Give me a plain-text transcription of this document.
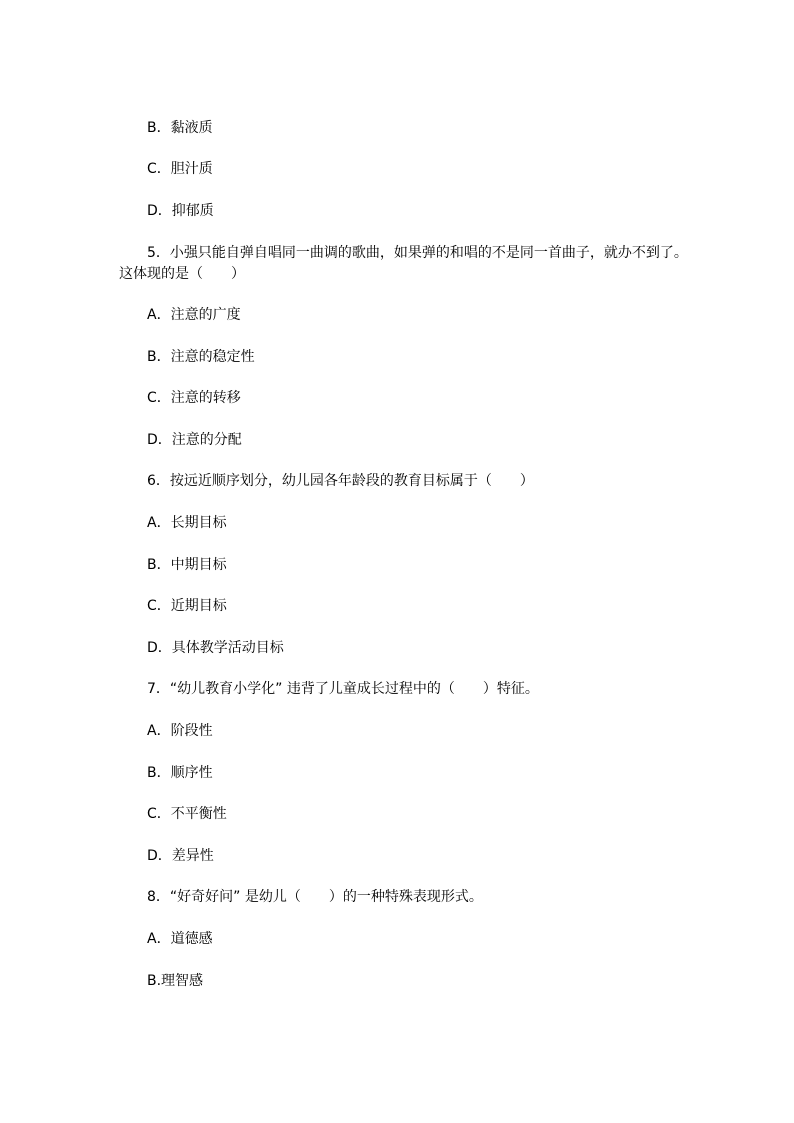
B．黏液质
C．胆汁质
D．抑郁质
5．小强只能自弹自唱同一曲调的歌曲，如果弹的和唱的不是同一首曲子，就办不到了。
这体现的是（　　）
A．注意的广度
B．注意的稳定性
C．注意的转移
D．注意的分配
6．按远近顺序划分，幼儿园各年龄段的教育目标属于（　　）
A．长期目标
B．中期目标
C．近期目标
D．具体教学活动目标
7．“幼儿教育小学化” 违背了儿童成长过程中的（　　）特征。
A．阶段性
B．顺序性
C．不平衡性
D．差异性
8．“好奇好问” 是幼儿（　　）的一种特殊表现形式。
A．道德感
B.理智感
